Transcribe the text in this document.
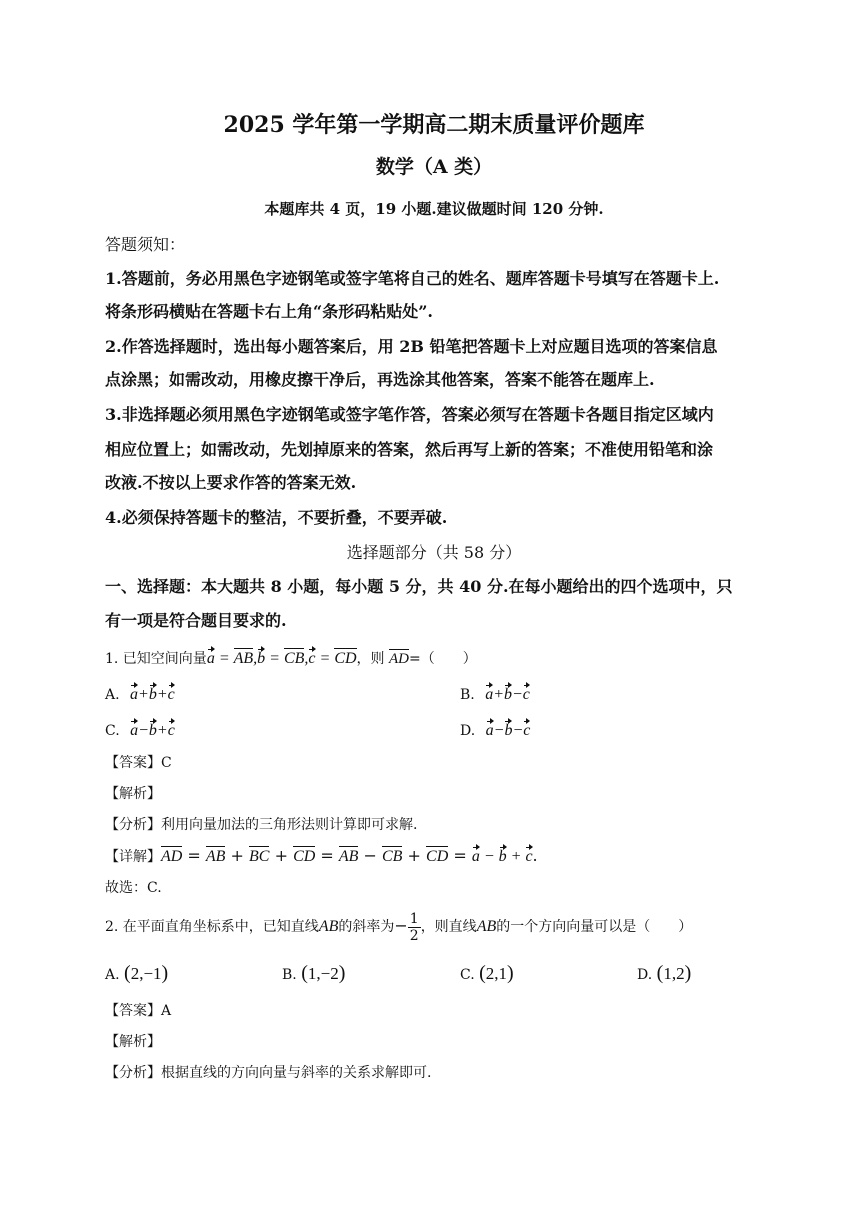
2025 学年第一学期高二期末质量评价题库
数学（A 类）
本题库共 4 页，19 小题.建议做题时间 120 分钟.
答题须知：
1.答题前，务必用黑色字迹钢笔或签字笔将自己的姓名、题库答题卡号填写在答题卡上.
将条形码横贴在答题卡右上角“条形码粘贴处”.
2.作答选择题时，选出每小题答案后，用 2B 铅笔把答题卡上对应题目选项的答案信息
点涂黑；如需改动，用橡皮擦干净后，再选涂其他答案，答案不能答在题库上.
3.非选择题必须用黑色字迹钢笔或签字笔作答，答案必须写在答题卡各题目指定区域内
相应位置上；如需改动，先划掉原来的答案，然后再写上新的答案；不准使用铅笔和涂
改液.不按以上要求作答的答案无效.
4.必须保持答题卡的整洁，不要折叠，不要弄破.
选择题部分（共 58 分）
一、选择题：本大题共 8 小题，每小题 5 分，共 40 分.在每小题给出的四个选项中，只
有一项是符合题目要求的.
1. 已知空间向量a = AB,b = CB,c = CD，则 AD=（　　）
A. a+b+c	B. a+b−c
C. a−b+c	D. a−b−c
【答案】C
【解析】
【分析】利用向量加法的三角形法则计算即可求解.
【详解】AD = AB + BC + CD = AB − CB + CD = a − b + c.
故选：C.
2. 在平面直角坐标系中，已知直线AB的斜率为− $\frac{1}{2}$ ，则直线AB的一个方向向量可以是（　　）
A. (2,−1)	B. (1,−2)	C. (2,1)	D. (1,2)
【答案】A
【解析】
【分析】根据直线的方向向量与斜率的关系求解即可.
